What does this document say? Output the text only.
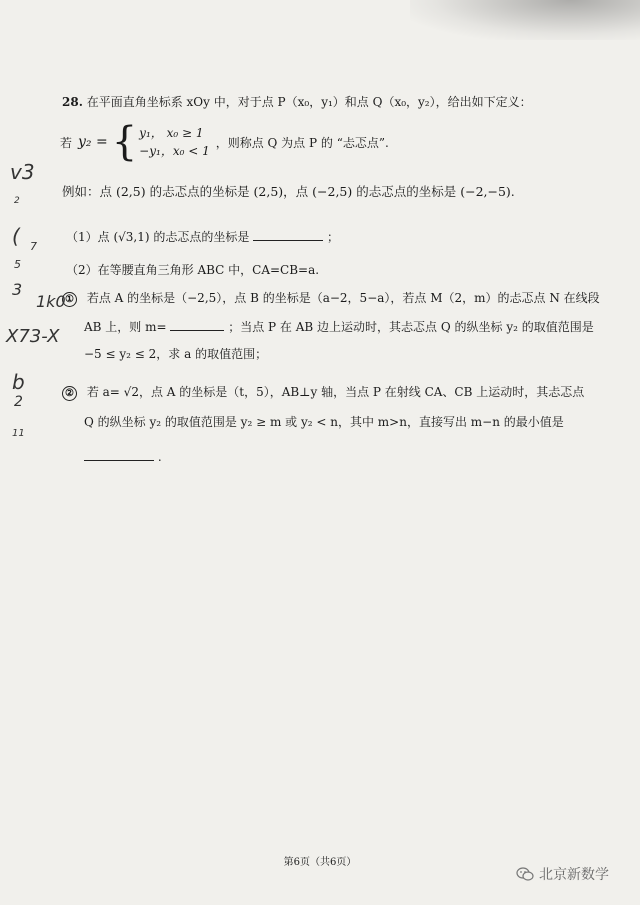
28. 在平面直角坐标系 xOy 中，对于点 P（x₀，y₁）和点 Q（x₀，y₂），给出如下定义：
若 y₂ = { y₁， x₀ ≥ 1
−y₁，x₀ < 1
，则称点 Q 为点 P 的 “忐忑点”.
例如：点 (2,5) 的忐忑点的坐标是 (2,5)，点 (−2,5) 的忐忑点的坐标是 (−2,−5).
（1）点 (√3,1) 的忐忑点的坐标是	；
（2）在等腰直角三角形 ABC 中，CA=CB=a.
① 若点 A 的坐标是（−2,5），点 B 的坐标是（a−2，5−a），若点 M（2，m）的忐忑点 N 在线段
AB 上，则 m=	；当点 P 在 AB 边上运动时，其忐忑点 Q 的纵坐标 y₂ 的取值范围是
−5 ≤ y₂ ≤ 2，求 a 的取值范围；
② 若 a= √2，点 A 的坐标是（t，5），AB⊥y 轴，当点 P 在射线 CA、CB 上运动时，其忐忑点
Q 的纵坐标 y₂ 的取值范围是 y₂ ≥ m 或 y₂ < n，其中 m>n，直接写出 m−n 的最小值是
.
v3
2
( 7
5
3
1k0
X73-X
b
2
11
第6页（共6页）
北京新数学
